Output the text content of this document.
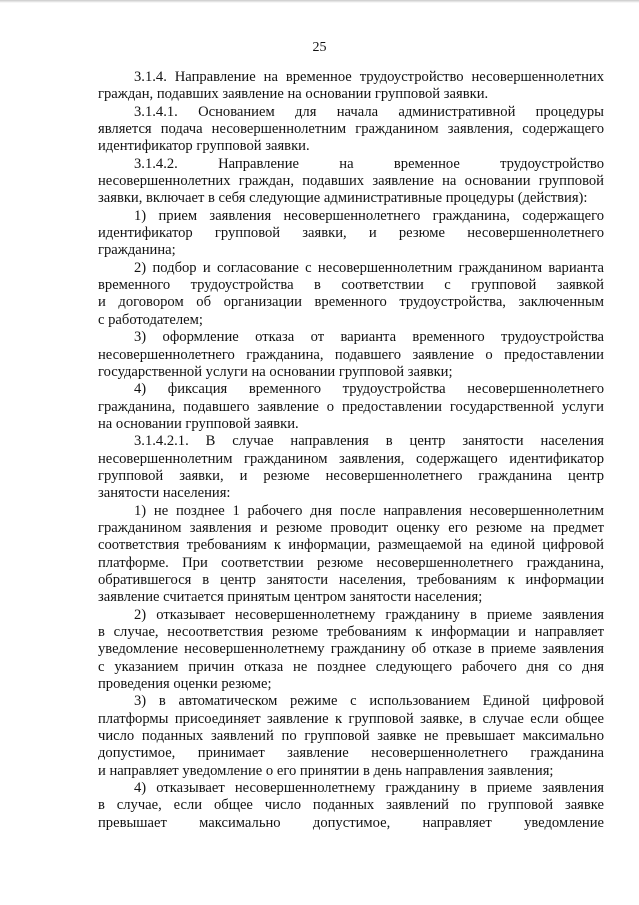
25
3.1.4. Направление на временное трудоустройство несовершеннолетних
граждан, подавших заявление на основании групповой заявки.
3.1.4.1. Основанием для начала административной процедуры
является подача несовершеннолетним гражданином заявления, содержащего
идентификатор групповой заявки.
3.1.4.2. Направление на временное трудоустройство
несовершеннолетних граждан, подавших заявление на основании групповой
заявки, включает в себя следующие административные процедуры (действия):
1) прием заявления несовершеннолетнего гражданина, содержащего
идентификатор групповой заявки, и резюме несовершеннолетнего
гражданина;
2) подбор и согласование с несовершеннолетним гражданином варианта
временного трудоустройства в соответствии с групповой заявкой
и договором об организации временного трудоустройства, заключенным
с работодателем;
3) оформление отказа от варианта временного трудоустройства
несовершеннолетнего гражданина, подавшего заявление о предоставлении
государственной услуги на основании групповой заявки;
4) фиксация временного трудоустройства несовершеннолетнего
гражданина, подавшего заявление о предоставлении государственной услуги
на основании групповой заявки.
3.1.4.2.1. В случае направления в центр занятости населения
несовершеннолетним гражданином заявления, содержащего идентификатор
групповой заявки, и резюме несовершеннолетнего гражданина центр
занятости населения:
1) не позднее 1 рабочего дня после направления несовершеннолетним
гражданином заявления и резюме проводит оценку его резюме на предмет
соответствия требованиям к информации, размещаемой на единой цифровой
платформе. При соответствии резюме несовершеннолетнего гражданина,
обратившегося в центр занятости населения, требованиям к информации
заявление считается принятым центром занятости населения;
2) отказывает несовершеннолетнему гражданину в приеме заявления
в случае, несоответствия резюме требованиям к информации и направляет
уведомление несовершеннолетнему гражданину об отказе в приеме заявления
с указанием причин отказа не позднее следующего рабочего дня со дня
проведения оценки резюме;
3) в автоматическом режиме с использованием Единой цифровой
платформы присоединяет заявление к групповой заявке, в случае если общее
число поданных заявлений по групповой заявке не превышает максимально
допустимое, принимает заявление несовершеннолетнего гражданина
и направляет уведомление о его принятии в день направления заявления;
4) отказывает несовершеннолетнему гражданину в приеме заявления
в случае, если общее число поданных заявлений по групповой заявке
превышает максимально допустимое, направляет уведомление
